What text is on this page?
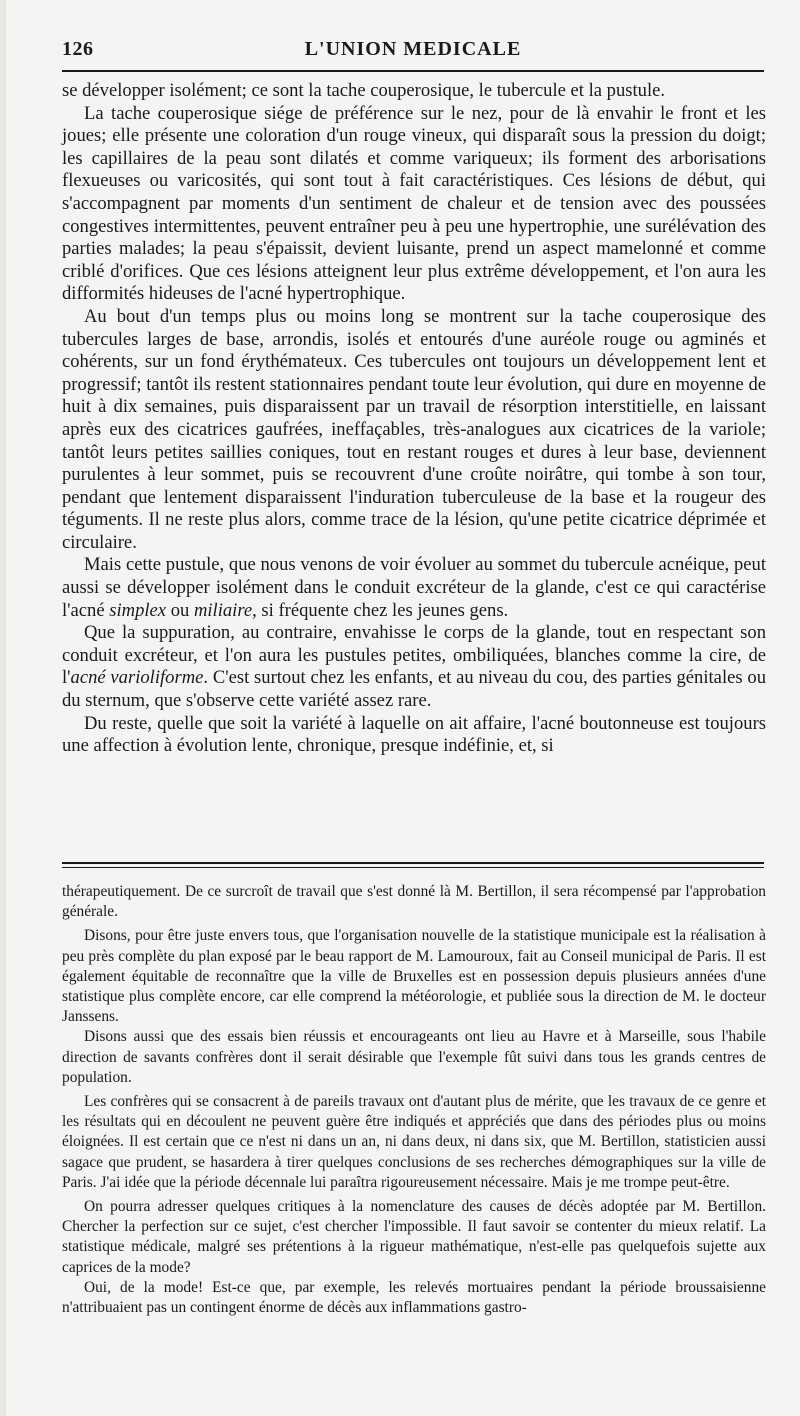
126	L'UNION MEDICALE

se développer isolément; ce sont la tache couperosique, le tubercule et la pustule.

La tache couperosique siége de préférence sur le nez, pour de là envahir le front et les joues; elle présente une coloration d'un rouge vineux, qui disparaît sous la pression du doigt; les capillaires de la peau sont dilatés et comme variqueux; ils forment des arborisations flexueuses ou varicosités, qui sont tout à fait caractéristiques. Ces lésions de début, qui s'accompagnent par moments d'un sentiment de chaleur et de tension avec des poussées congestives intermittentes, peuvent entraîner peu à peu une hypertrophie, une surélévation des parties malades; la peau s'épaissit, devient luisante, prend un aspect mamelonné et comme criblé d'orifices. Que ces lésions atteignent leur plus extrême développement, et l'on aura les difformités hideuses de l'acné hypertrophique.

Au bout d'un temps plus ou moins long se montrent sur la tache couperosique des tubercules larges de base, arrondis, isolés et entourés d'une auréole rouge ou agminés et cohérents, sur un fond érythémateux. Ces tubercules ont toujours un développement lent et progressif; tantôt ils restent stationnaires pendant toute leur évolution, qui dure en moyenne de huit à dix semaines, puis disparaissent par un travail de résorption interstitielle, en laissant après eux des cicatrices gaufrées, ineffaçables, très-analogues aux cicatrices de la variole; tantôt leurs petites saillies coniques, tout en restant rouges et dures à leur base, deviennent purulentes à leur sommet, puis se recouvrent d'une croûte noirâtre, qui tombe à son tour, pendant que lentement disparaissent l'induration tuberculeuse de la base et la rougeur des téguments. Il ne reste plus alors, comme trace de la lésion, qu'une petite cicatrice déprimée et circulaire.

Mais cette pustule, que nous venons de voir évoluer au sommet du tubercule acnéique, peut aussi se développer isolément dans le conduit excréteur de la glande, c'est ce qui caractérise l'acné simplex ou miliaire, si fréquente chez les jeunes gens.

Que la suppuration, au contraire, envahisse le corps de la glande, tout en respectant son conduit excréteur, et l'on aura les pustules petites, ombiliquées, blanches comme la cire, de l'acné varioliforme. C'est surtout chez les enfants, et au niveau du cou, des parties génitales ou du sternum, que s'observe cette variété assez rare.

Du reste, quelle que soit la variété à laquelle on ait affaire, l'acné boutonneuse est toujours une affection à évolution lente, chronique, presque indéfinie, et, si

thérapeutiquement. De ce surcroît de travail que s'est donné là M. Bertillon, il sera récompensé par l'approbation générale.

Disons, pour être juste envers tous, que l'organisation nouvelle de la statistique municipale est la réalisation à peu près complète du plan exposé par le beau rapport de M. Lamouroux, fait au Conseil municipal de Paris. Il est également équitable de reconnaître que la ville de Bruxelles est en possession depuis plusieurs années d'une statistique plus complète encore, car elle comprend la météorologie, et publiée sous la direction de M. le docteur Janssens.

Disons aussi que des essais bien réussis et encourageants ont lieu au Havre et à Marseille, sous l'habile direction de savants confrères dont il serait désirable que l'exemple fût suivi dans tous les grands centres de population.

Les confrères qui se consacrent à de pareils travaux ont d'autant plus de mérite, que les travaux de ce genre et les résultats qui en découlent ne peuvent guère être indiqués et appréciés que dans des périodes plus ou moins éloignées. Il est certain que ce n'est ni dans un an, ni dans deux, ni dans six, que M. Bertillon, statisticien aussi sagace que prudent, se hasardera à tirer quelques conclusions de ses recherches démographiques sur la ville de Paris. J'ai idée que la période décennale lui paraîtra rigoureusement nécessaire. Mais je me trompe peut-être.

On pourra adresser quelques critiques à la nomenclature des causes de décès adoptée par M. Bertillon. Chercher la perfection sur ce sujet, c'est chercher l'impossible. Il faut savoir se contenter du mieux relatif. La statistique médicale, malgré ses prétentions à la rigueur mathématique, n'est-elle pas quelquefois sujette aux caprices de la mode?

Oui, de la mode! Est-ce que, par exemple, les relevés mortuaires pendant la période broussaisienne n'attribuaient pas un contingent énorme de décès aux inflammations gastro-
